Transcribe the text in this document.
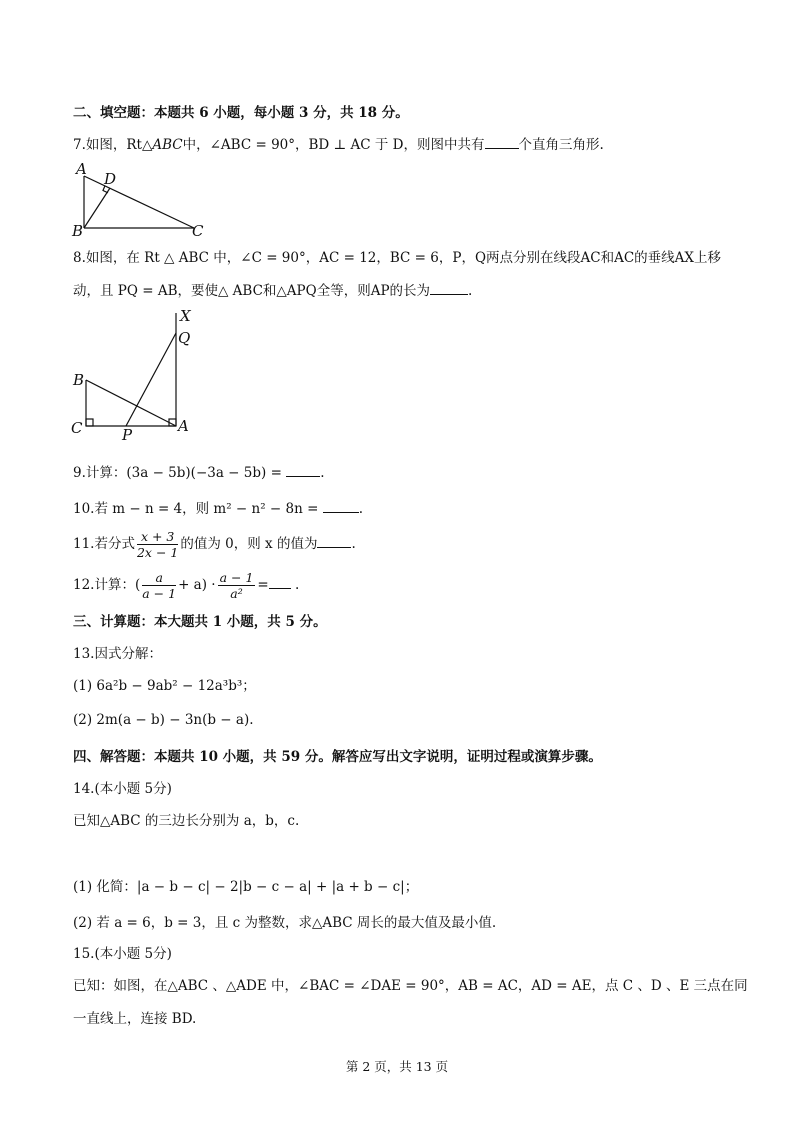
二、填空题：本题共 6 小题，每小题 3 分，共 18 分。
7.如图，Rt△ABC中，∠ABC = 90°，BD ⊥ AC 于 D，则图中共有	个直角三角形.
A
D
B	C
8.如图，在 Rt △ ABC 中，∠C = 90°，AC = 12，BC = 6，P，Q两点分别在线段AC和AC的垂线AX上移
动，且 PQ = AB，要使△ ABC和△APQ全等，则AP的长为	.
X
Q
B
C	P	A
9.计算：(3a − 5b)(−3a − 5b) =	.
10.若 m − n = 4，则 m² − n² − 8n =	.
11.若分式 $\frac{x + 3}{2x - 1}$ 的值为 0，则 x 的值为	.
12.计算：( $\frac{a}{a - 1} + a) \cdot \frac{a - 1}{\text{a²}}$ = .
三、计算题：本大题共 1 小题，共 5 分。
13.因式分解：
(1) 6a²b − 9ab² − 12a³b³；
(2) 2m(a − b) − 3n(b − a).
四、解答题：本题共 10 小题，共 59 分。解答应写出文字说明，证明过程或演算步骤。
14.(本小题 5分)
已知△ABC 的三边长分别为 a，b，c.
(1) 化简：|a − b − c| − 2|b − c − a| + |a + b − c|；
(2) 若 a = 6，b = 3，且 c 为整数，求△ABC 周长的最大值及最小值.
15.(本小题 5分)
已知：如图，在△ABC 、△ADE 中，∠BAC = ∠DAE = 90°，AB = AC，AD = AE，点 C 、D 、E 三点在同
一直线上，连接 BD.
第 2 页，共 13 页
